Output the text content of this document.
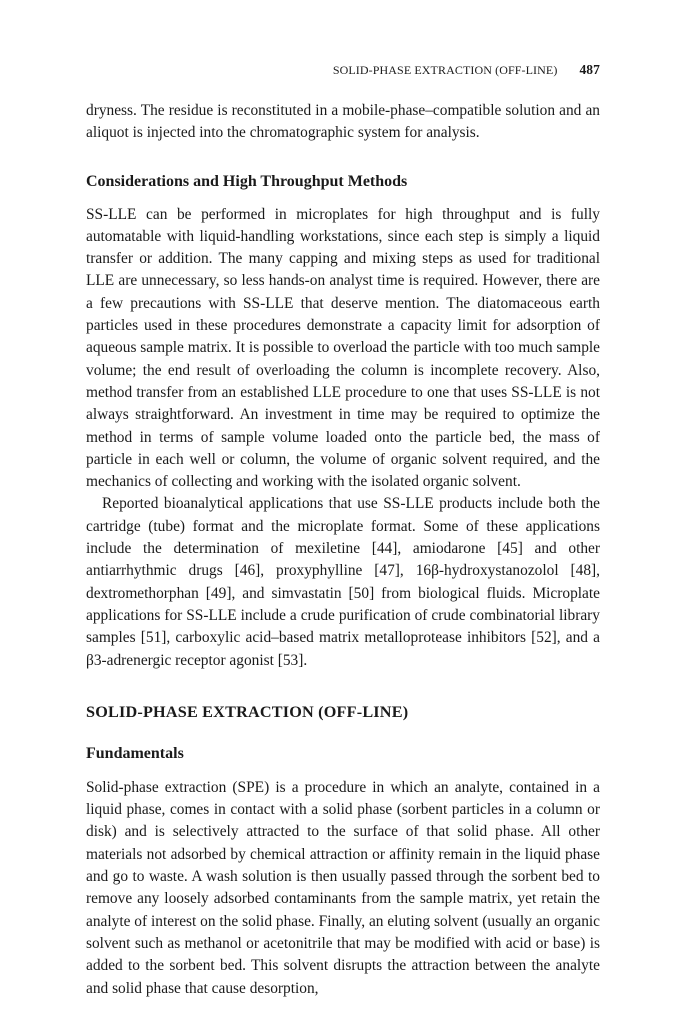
SOLID-PHASE EXTRACTION (OFF-LINE) 487

dryness. The residue is reconstituted in a mobile-phase–compatible solution and an aliquot is injected into the chromatographic system for analysis.

Considerations and High Throughput Methods

SS-LLE can be performed in microplates for high throughput and is fully automatable with liquid-handling workstations, since each step is simply a liquid transfer or addition. The many capping and mixing steps as used for traditional LLE are unnecessary, so less hands-on analyst time is required. However, there are a few precautions with SS-LLE that deserve mention. The diatomaceous earth particles used in these procedures demonstrate a capacity limit for adsorption of aqueous sample matrix. It is possible to overload the particle with too much sample volume; the end result of overloading the column is incomplete recovery. Also, method transfer from an established LLE procedure to one that uses SS-LLE is not always straightforward. An investment in time may be required to optimize the method in terms of sample volume loaded onto the particle bed, the mass of particle in each well or column, the volume of organic solvent required, and the mechanics of collecting and working with the isolated organic solvent.

Reported bioanalytical applications that use SS-LLE products include both the cartridge (tube) format and the microplate format. Some of these applications include the determination of mexiletine [44], amiodarone [45] and other antiarrhythmic drugs [46], proxyphylline [47], 16β-hydroxystanozolol [48], dextromethorphan [49], and simvastatin [50] from biological fluids. Microplate applications for SS-LLE include a crude purification of crude combinatorial library samples [51], carboxylic acid–based matrix metalloprotease inhibitors [52], and a β3-adrenergic receptor agonist [53].

SOLID-PHASE EXTRACTION (OFF-LINE)
Fundamentals

Solid-phase extraction (SPE) is a procedure in which an analyte, contained in a liquid phase, comes in contact with a solid phase (sorbent particles in a column or disk) and is selectively attracted to the surface of that solid phase. All other materials not adsorbed by chemical attraction or affinity remain in the liquid phase and go to waste. A wash solution is then usually passed through the sorbent bed to remove any loosely adsorbed contaminants from the sample matrix, yet retain the analyte of interest on the solid phase. Finally, an eluting solvent (usually an organic solvent such as methanol or acetonitrile that may be modified with acid or base) is added to the sorbent bed. This solvent disrupts the attraction between the analyte and solid phase that cause desorption,
